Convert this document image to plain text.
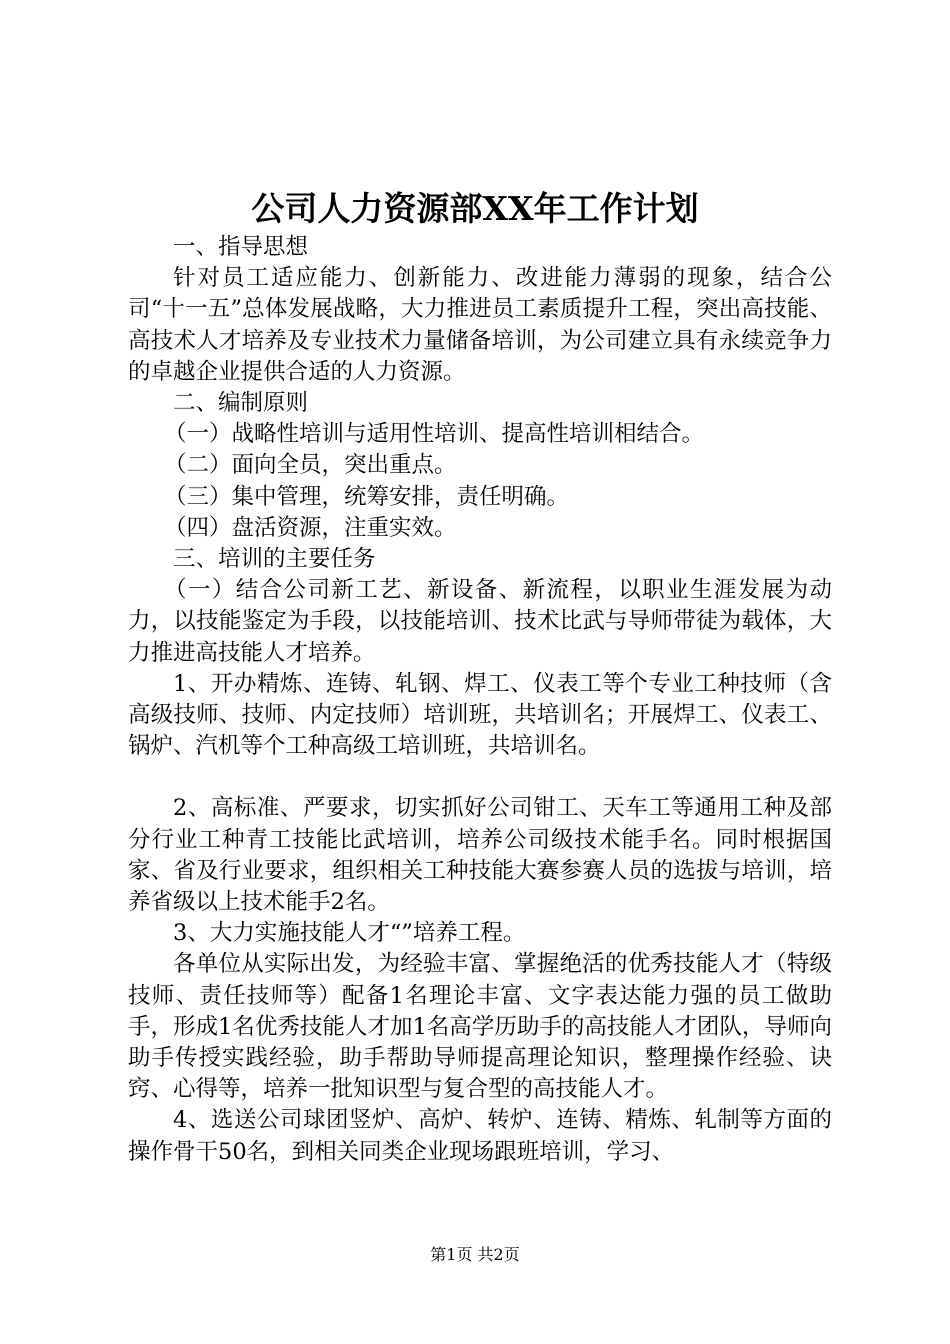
公司人力资源部XX年工作计划

一、指导思想

针对员工适应能力、创新能力、改进能力薄弱的现象，结合公司“十一五”总体发展战略，大力推进员工素质提升工程，突出高技能、高技术人才培养及专业技术力量储备培训，为公司建立具有永续竞争力的卓越企业提供合适的人力资源。

二、编制原则

（一）战略性培训与适用性培训、提高性培训相结合。

（二）面向全员，突出重点。

（三）集中管理，统筹安排，责任明确。

（四）盘活资源，注重实效。

三、培训的主要任务

（一）结合公司新工艺、新设备、新流程，以职业生涯发展为动力，以技能鉴定为手段，以技能培训、技术比武与导师带徒为载体，大力推进高技能人才培养。

1、开办精炼、连铸、轧钢、焊工、仪表工等个专业工种技师（含高级技师、技师、内定技师）培训班，共培训名；开展焊工、仪表工、锅炉、汽机等个工种高级工培训班，共培训名。

2、高标准、严要求，切实抓好公司钳工、天车工等通用工种及部分行业工种青工技能比武培训，培养公司级技术能手名。同时根据国家、省及行业要求，组织相关工种技能大赛参赛人员的选拔与培训，培养省级以上技术能手2名。

3、大力实施技能人才“”培养工程。

各单位从实际出发，为经验丰富、掌握绝活的优秀技能人才（特级技师、责任技师等）配备1名理论丰富、文字表达能力强的员工做助手，形成1名优秀技能人才加1名高学历助手的高技能人才团队，导师向助手传授实践经验，助手帮助导师提高理论知识，整理操作经验、诀窍、心得等，培养一批知识型与复合型的高技能人才。

4、选送公司球团竖炉、高炉、转炉、连铸、精炼、轧制等方面的操作骨干50名，到相关同类企业现场跟班培训，学习、

第1页 共2页
